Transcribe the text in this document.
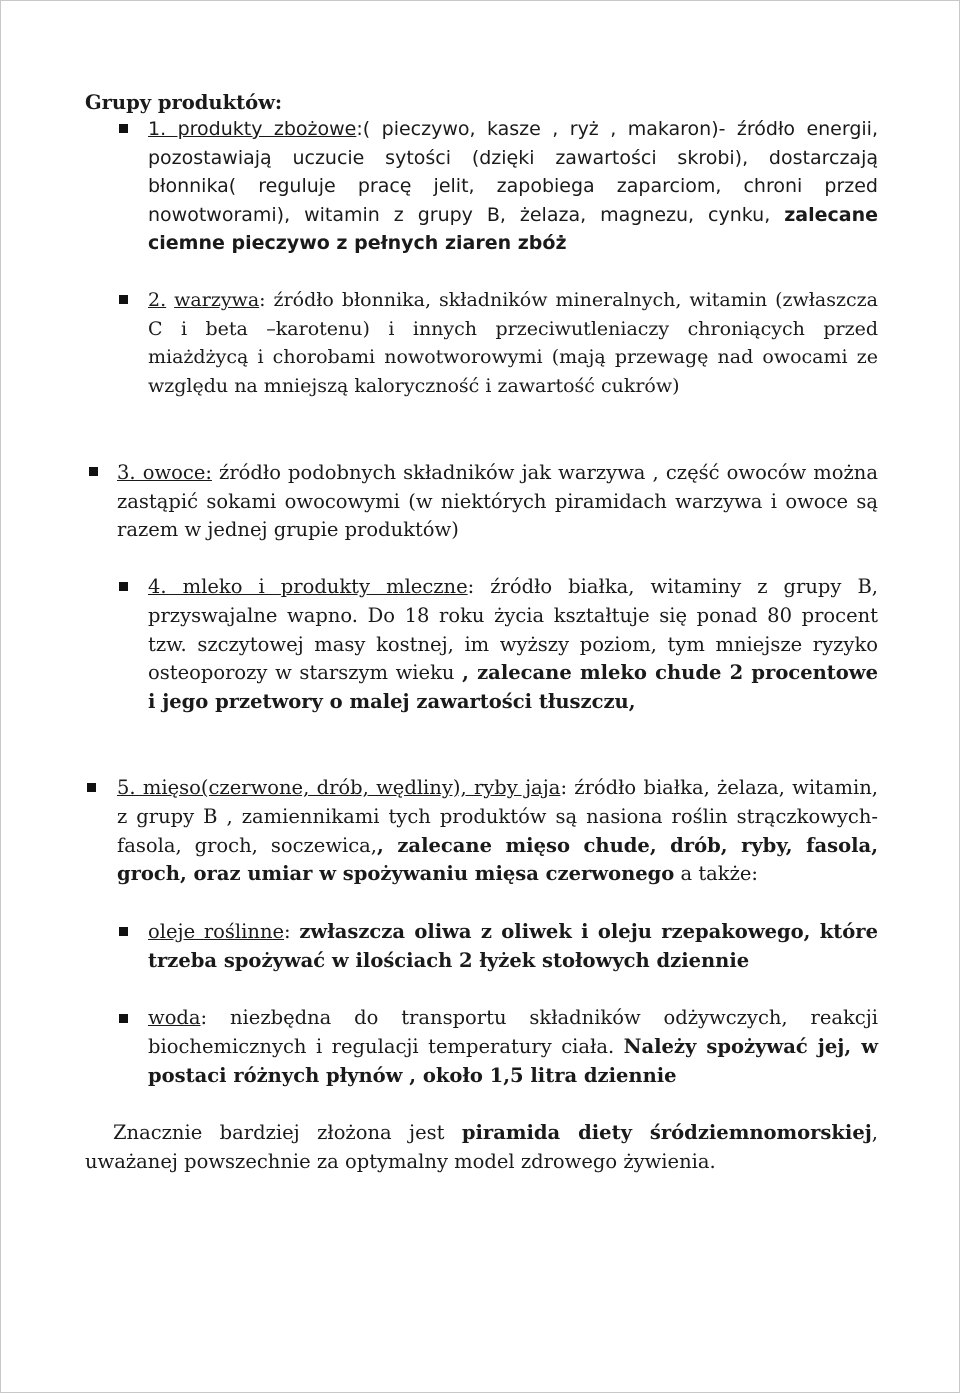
Grupy produktów:

1. produkty zbożowe:( pieczywo, kasze , ryż , makaron)- źródło energii, pozostawiają uczucie sytości (dzięki zawartości skrobi), dostarczają błonnika( reguluje pracę jelit, zapobiega zaparciom, chroni przed nowotworami), witamin z grupy B, żelaza, magnezu, cynku, zalecane ciemne pieczywo z pełnych ziaren zbóż

2. warzywa: źródło błonnika, składników mineralnych, witamin (zwłaszcza C i beta –karotenu) i innych przeciwutleniaczy chroniących przed miażdżycą i chorobami nowotworowymi (mają przewagę nad owocami ze względu na mniejszą kaloryczność i zawartość cukrów)

3. owoce: źródło podobnych składników jak warzywa , część owoców można zastąpić sokami owocowymi (w niektórych piramidach warzywa i owoce są razem w jednej grupie produktów)

4. mleko i produkty mleczne: źródło białka, witaminy z grupy B, przyswajalne wapno. Do 18 roku życia kształtuje się ponad 80 procent tzw. szczytowej masy kostnej, im wyższy poziom, tym mniejsze ryzyko osteoporozy w starszym wieku , zalecane mleko chude 2 procentowe i jego przetwory o malej zawartości tłuszczu,

5. mięso(czerwone, drób, wędliny), ryby jaja: źródło białka, żelaza, witamin, z grupy B , zamiennikami tych produktów są nasiona roślin strączkowych- fasola, groch, soczewica,, zalecane mięso chude, drób, ryby, fasola, groch, oraz umiar w spożywaniu mięsa czerwonego a także:

oleje roślinne: zwłaszcza oliwa z oliwek i oleju rzepakowego, które trzeba spożywać w ilościach 2 łyżek stołowych dziennie

woda: niezbędna do transportu składników odżywczych, reakcji biochemicznych i regulacji temperatury ciała. Należy spożywać jej, w postaci różnych płynów , około 1,5 litra dziennie

Znacznie bardziej złożona jest piramida diety śródziemnomorskiej, uważanej powszechnie za optymalny model zdrowego żywienia.
